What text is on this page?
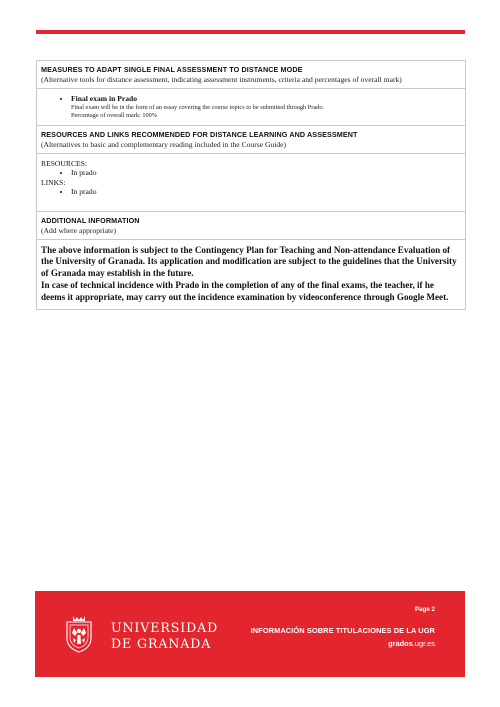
MEASURES TO ADAPT SINGLE FINAL ASSESSMENT TO DISTANCE MODE
(Alternative tools for distance assessment, indicating assessment instruments, criteria and percentages of overall mark)
• Final exam in Prado
Final exam will be in the form of an essay covering the course topics to be submitted through Prado.
Percentage of overall mark: 100%
RESOURCES AND LINKS RECOMMENDED FOR DISTANCE LEARNING AND ASSESSMENT
(Alternatives to basic and complementary reading included in the Course Guide)
RESOURCES:
• In prado
LINKS:
• In prado
ADDITIONAL INFORMATION
(Add where appropriate)
The above information is subject to the Contingency Plan for Teaching and Non-attendance Evaluation of the University of Granada. Its application and modification are subject to the guidelines that the University of Granada may establish in the future.
In case of technical incidence with Prado in the completion of any of the final exams, the teacher, if he deems it appropriate, may carry out the incidence examination by videoconference through Google Meet.
UNIVERSIDAD
DE GRANADA
Page 2
INFORMACIÓN SOBRE TITULACIONES DE LA UGR
grados.ugr.es
